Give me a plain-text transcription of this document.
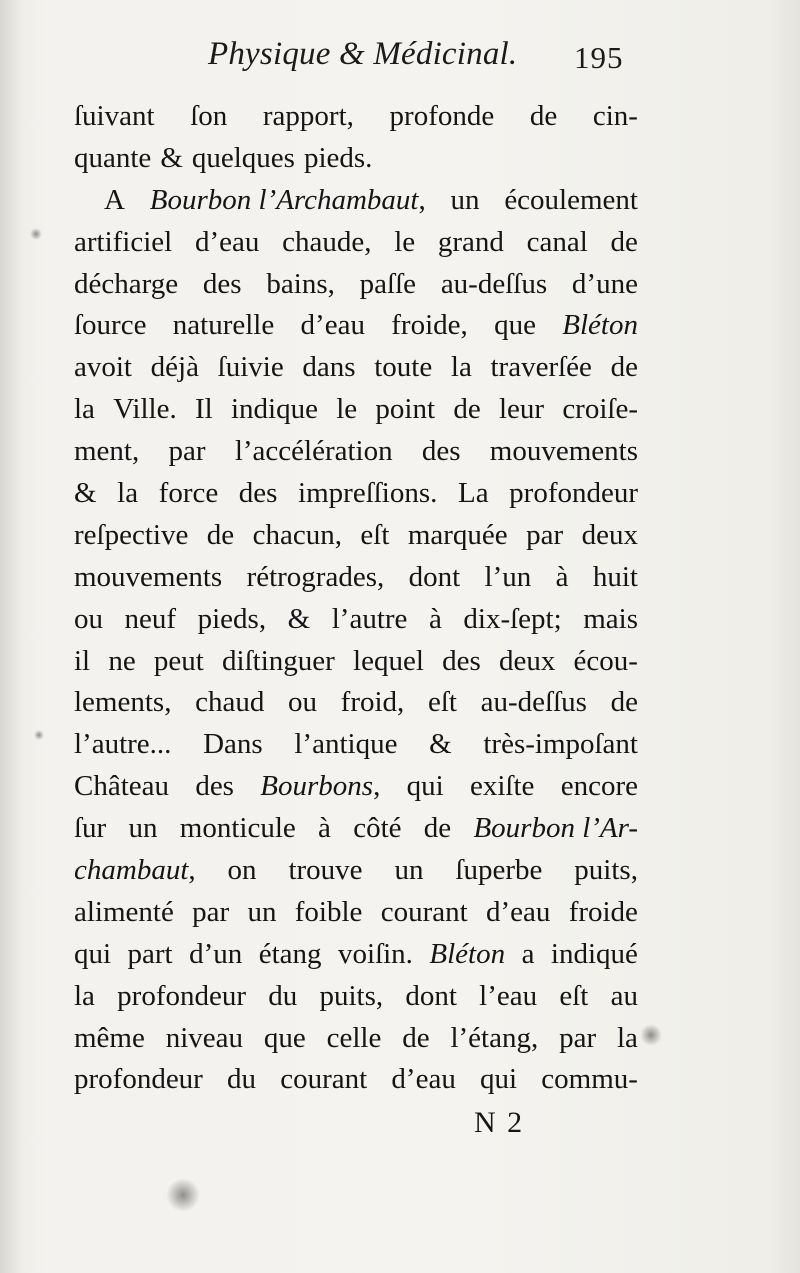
Physique & Médicinal. 195
ſuivant ſon rapport, profonde de cin-
quante & quelques pieds.
A Bourbon l’Archambaut, un écoulement
artificiel d’eau chaude, le grand canal de
décharge des bains, paſſe au-deſſus d’une
ſource naturelle d’eau froide, que Bléton
avoit déjà ſuivie dans toute la traverſée de
la Ville. Il indique le point de leur croiſe-
ment, par l’accélération des mouvements
& la force des impreſſions. La profondeur
reſpective de chacun, eſt marquée par deux
mouvements rétrogrades, dont l’un à huit
ou neuf pieds, & l’autre à dix-ſept; mais
il ne peut diſtinguer lequel des deux écou-
lements, chaud ou froid, eſt au-deſſus de
l’autre... Dans l’antique & très-impoſant
Château des Bourbons, qui exiſte encore
ſur un monticule à côté de Bourbon l’Ar-
chambaut, on trouve un ſuperbe puits,
alimenté par un foible courant d’eau froide
qui part d’un étang voiſin. Bléton a indiqué
la profondeur du puits, dont l’eau eſt au
même niveau que celle de l’étang, par la
profondeur du courant d’eau qui commu-
N 2
